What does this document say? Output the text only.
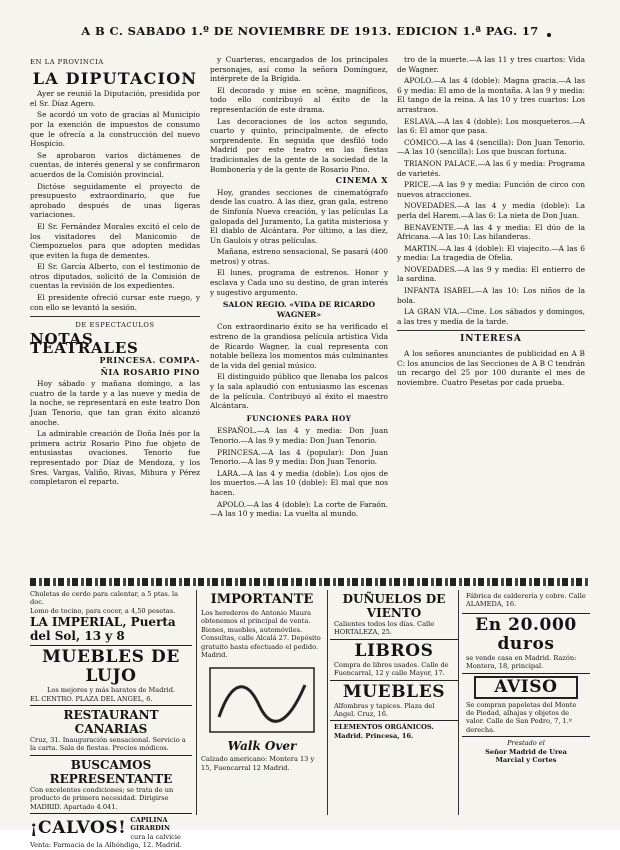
A B C. SABADO 1.º DE NOVIEMBRE DE 1913. EDICION 1.ª PAG. 17
EN LA PROVINCIA
LA DIPUTACION

Ayer se reunió la Diputación, presidida por el Sr. Díaz Agero.

Se acordó un voto de gracias al Municipio por la exención de impuestos de consumo que le ofrecía a la construcción del nuevo Hospicio.

Se aprobaron varios dictámenes de cuentas, de interés general y se confirmaron acuerdos de la Comisión provincial.

Dictóse seguidamente el proyecto de presupuesto extraordinario, que fue aprobado después de unas ligeras variaciones.

El Sr. Fernández Morales excitó el celo de los visitadores del Manicomio de Ciempozuelos para que adopten medidas que eviten la fuga de dementes.

El Sr. García Alberto, con el testimonio de otros diputados, solicitó de la Comisión de cuentas la revisión de los expedientes.

El presidente ofreció cursar este ruego, y con ello se levantó la sesión.

DE ESPECTACULOS
NOTAS TEATRALES
PRINCESA. COMPA-
ÑIA ROSARIO PINO

Hoy sábado y mañana domingo, a las cuatro de la tarde y a las nueve y media de la noche, se representará en este teatro Don Juan Tenorio, que tan gran éxito alcanzó anoche.

La admirable creación de Doña Inés por la primera actriz Rosario Pino fue objeto de entusiastas ovaciones. Tenorio fue representado por Díaz de Mendoza, y los Sres. Vargas, Valiño, Rivas, Mihura y Pérez completaron el reparto.

y Cuarteras, encargados de los principales personajes, así como la señora Domínguez, intérprete de la Brígida.

El decorado y mise en scène, magníficos, todo ello contribuyó al éxito de la representación de este drama.

Las decoraciones de los actos segundo, cuarto y quinto, principalmente, de efecto sorprendente. En seguida que desfiló todo Madrid por este teatro en las fiestas tradicionales de la gente de la sociedad de la Bombonería y de la gente de Rosario Pino.

CINEMA X

Hoy, grandes secciones de cinematógrafo desde las cuatro. A las diez, gran gala, estreno de Sinfonía Nueva creación, y las películas La galopada del Juramento, La gatita misteriosa y El diablo de Alcántara. Por último, a las diez, Un Gaulois y otras películas.

Mañana, estreno sensacional, Se pasará (400 metros) y otras.

El lunes, programa de estrenos. Honor y esclava y Cada uno su destino, de gran interés y sugestivo argumento.

SALON REGIO. «VIDA DE RICARDO WAGNER»

Con extraordinario éxito se ha verificado el estreno de la grandiosa película artística Vida de Ricardo Wagner, la cual representa con notable belleza los momentos más culminantes de la vida del genial músico.

El distinguido público que llenaba los palcos y la sala aplaudió con entusiasmo las escenas de la película. Contribuyó al éxito el maestro Alcántara.

FUNCIONES PARA HOY

ESPAÑOL.—A las 4 y media: Don Juan Tenorio.—A las 9 y media: Don Juan Tenorio.

PRINCESA.—A las 4 (popular): Don Juan Tenorio.—A las 9 y media: Don Juan Tenorio.

LARA.—A las 4 y media (doble): Los ojos de los muertos.—A las 10 (doble): El mal que nos hacen.

APOLO.—A las 4 (doble): La corte de Faraón.—A las 10 y media: La vuelta al mundo.

tro de la muerte.—A las 11 y tres cuartos: Vida de Wagner.

APOLO.—A las 4 (doble): Magna gracia.—A las 6 y media: El amo de la montaña. A las 9 y media: El tango de la reina. A las 10 y tres cuartos: Los arrastraos.

ESLAVA.—A las 4 (doble): Los mosqueteros.—A las 6: El amor que pasa.

CÓMICO.—A las 4 (sencilla): Don Juan Tenorio.—A las 10 (sencilla): Los que buscan fortuna.

TRIANON PALACE.—A las 6 y media: Programa de varietés.

PRICE.—A las 9 y media: Función de circo con nuevos atracciones.

NOVEDADES.—A las 4 y media (doble): La perla del Harem.—A las 6: La nieta de Don Juan.

BENAVENTE.—A las 4 y media: El dúo de la Africana.—A las 10: Las hilanderas.

MARTIN.—A las 4 (doble): El viajecito.—A las 6 y media: La tragedia de Ofelia.

NOVEDADES.—A las 9 y media: El entierro de la sardina.

INFANTA ISABEL.—A las 10: Los niños de la bola.

LA GRAN VIA.—Cine. Los sábados y domingos, a las tres y media de la tarde.

INTERESA

A los señores anunciantes de publicidad en A B C: los anuncios de las Secciones de A B C tendrán un recargo del 25 por 100 durante el mes de noviembre. Cuatro Pesetas por cada prueba.

Chuletas de cerdo para calentar, a 5 ptas. la doc.
Lomo de tocino, para cocer, a 4,50 pesetas.
LA IMPERIAL, Puerta del Sol, 13 y 8
MUEBLES DE LUJO
Los mejores y más baratos de Madrid.
EL CENTRO. PLAZA DEL ANGEL, 6.
RESTAURANT CANARIAS
Cruz, 31. Inauguración sensacional. Servicio a la carta. Sala de fiestas. Precios módicos.
BUSCAMOS REPRESENTANTE
Con excelentes condiciones; se trata de un producto de primera necesidad. Dirigirse MADRID. Apartado 4.041.
¡CALVOS! CAPILINA GIRARDIN
cura la calvicie
Venta: Farmacia de la Alhóndiga, 12. Madrid.
IMPORTANTE
Los herederos de Antonio Maura obtenemos el principal de venta. Bienes, muebles, automóviles. Consultas, calle Alcalá 27. Depósito gratuito hasta efectuado el pedido. Madrid.
Walk Over
Calzado americano: Montera 13 y 15, Fuencarral 12 Madrid.
DUÑUELOS DE VIENTO
Calientes todos los días. Calle HORTALEZA, 25.
LIBROS
Compra de libros usados. Calle de Fuencarral, 12 y calle Mayor, 17.
MUEBLES
Alfombras y tapices. Plaza del Ángel. Cruz, 16.
ELEMENTOS ORGÁNICOS. Madrid. Princesa, 16.
Fábrica de calderería y cobre. Calle ALAMEDA, 16.
En 20.000 duros
se vende casa en Madrid. Razón: Montera, 18, principal.
AVISO
Se compran papeletas del Monte de Piedad, alhajas y objetos de valor. Calle de San Pedro, 7, 1.º derecha.
Prestado el
Señor Madrid de Urea
Marcial y Cortes
